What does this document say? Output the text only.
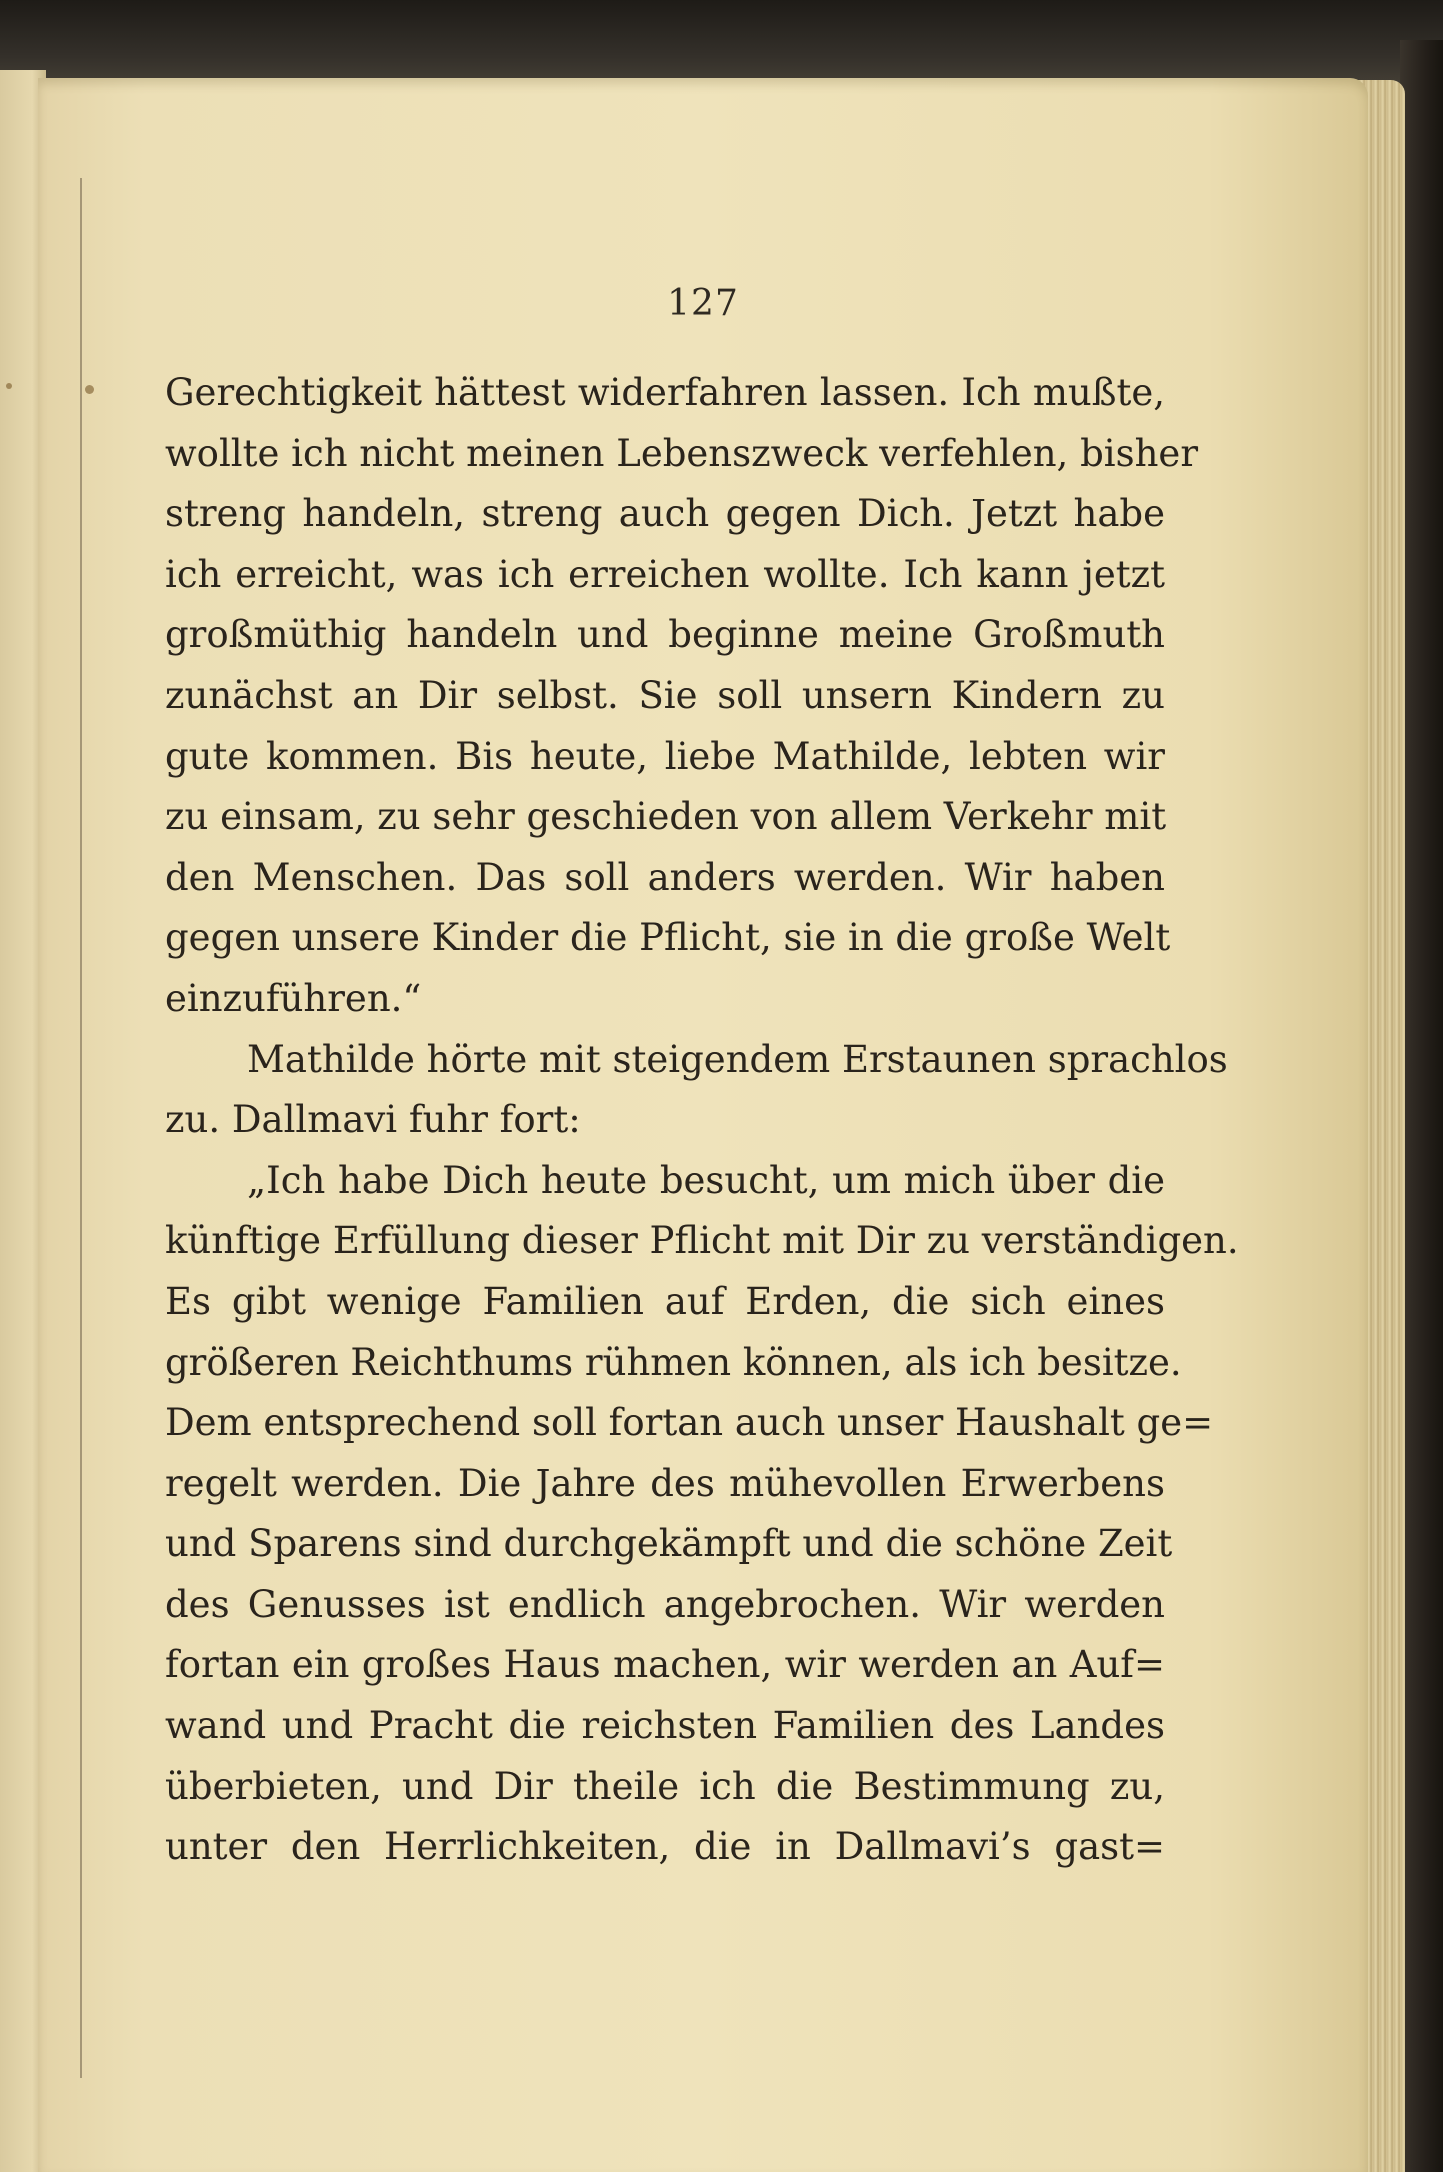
127
Gerechtigkeit hättest widerfahren lassen. Ich mußte,
wollte ich nicht meinen Lebenszweck verfehlen, bisher
streng handeln, streng auch gegen Dich. Jetzt habe
ich erreicht, was ich erreichen wollte. Ich kann jetzt
großmüthig handeln und beginne meine Großmuth
zunächst an Dir selbst. Sie soll unsern Kindern zu
gute kommen. Bis heute, liebe Mathilde, lebten wir
zu einsam, zu sehr geschieden von allem Verkehr mit
den Menschen. Das soll anders werden. Wir haben
gegen unsere Kinder die Pflicht, sie in die große Welt
einzuführen.“
Mathilde hörte mit steigendem Erstaunen sprachlos
zu. Dallmavi fuhr fort:
„Ich habe Dich heute besucht, um mich über die
künftige Erfüllung dieser Pflicht mit Dir zu verständigen.
Es gibt wenige Familien auf Erden, die sich eines
größeren Reichthums rühmen können, als ich besitze.
Dem entsprechend soll fortan auch unser Haushalt ge=
regelt werden. Die Jahre des mühevollen Erwerbens
und Sparens sind durchgekämpft und die schöne Zeit
des Genusses ist endlich angebrochen. Wir werden
fortan ein großes Haus machen, wir werden an Auf=
wand und Pracht die reichsten Familien des Landes
überbieten, und Dir theile ich die Bestimmung zu,
unter den Herrlichkeiten, die in Dallmavi’s gast=
